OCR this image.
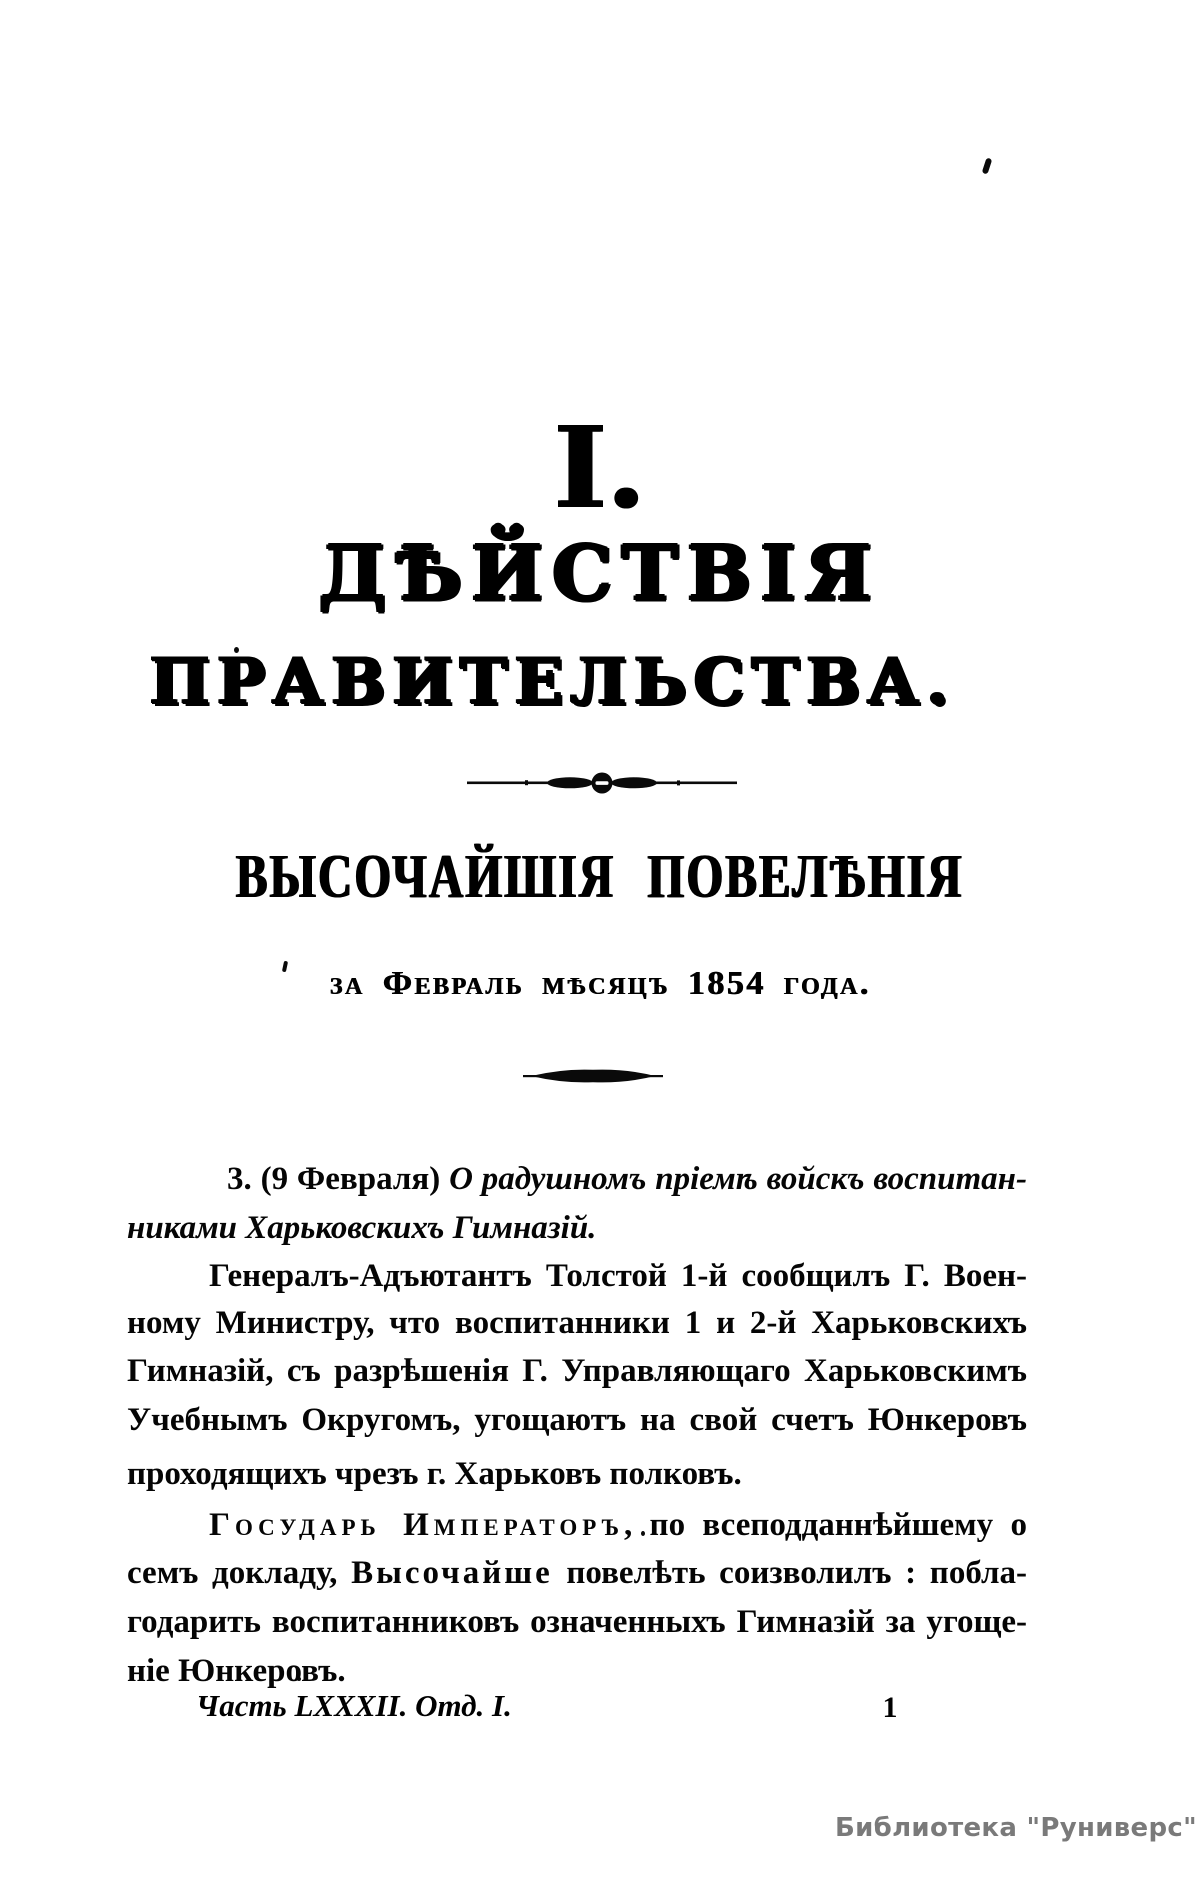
I.
ДѢЙСТВІЯ
ПРАВИТЕЛЬСТВА.
ВЫСОЧАЙШІЯ ПОВЕЛѢНІЯ
за Февраль мѣсяцъ 1854 года.
3. (9 Февраля) О радушномъ пріемѣ войскъ воспитан-
никами Харьковскихъ Гимназій.
Генералъ-Адъютантъ Толстой 1-й сообщилъ Г. Воен-
ному Министру, что воспитанники 1 и 2-й Харьковскихъ
Гимназій, съ разрѣшенія Г. Управляющаго Харьковскимъ
Учебнымъ Округомъ, угощаютъ на свой счетъ Юнкеровъ
проходящихъ чрезъ г. Харьковъ полковъ.
Государь Императоръ, по всеподданнѣйшему о
семъ докладу, Высочайше повелѣть соизволилъ : побла-
годарить воспитанниковъ означенныхъ Гимназій за угоще-
ніе Юнкеровъ.
Часть LXXXII. Отд. I.	1
Библиотека "Руниверс"
